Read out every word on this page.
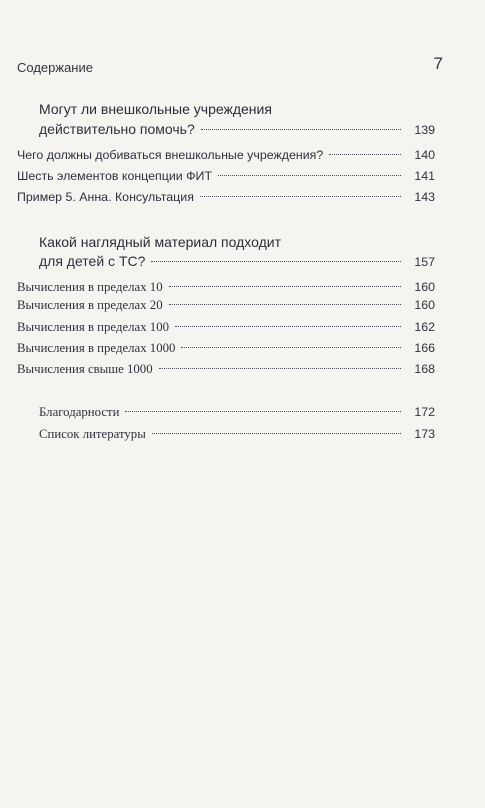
Содержание	7
Могут ли внешкольные учреждения
действительно помочь?	139
Чего должны добиваться внешкольные учреждения?	140
Шесть элементов концепции ФИТ	141
Пример 5. Анна. Консультация	143
Какой наглядный материал подходит
для детей с ТС?	157
Вычисления в пределах 10	160
Вычисления в пределах 20	160
Вычисления в пределах 100	162
Вычисления в пределах 1000	166
Вычисления свыше 1000	168
Благодарности	172
Список литературы	173
